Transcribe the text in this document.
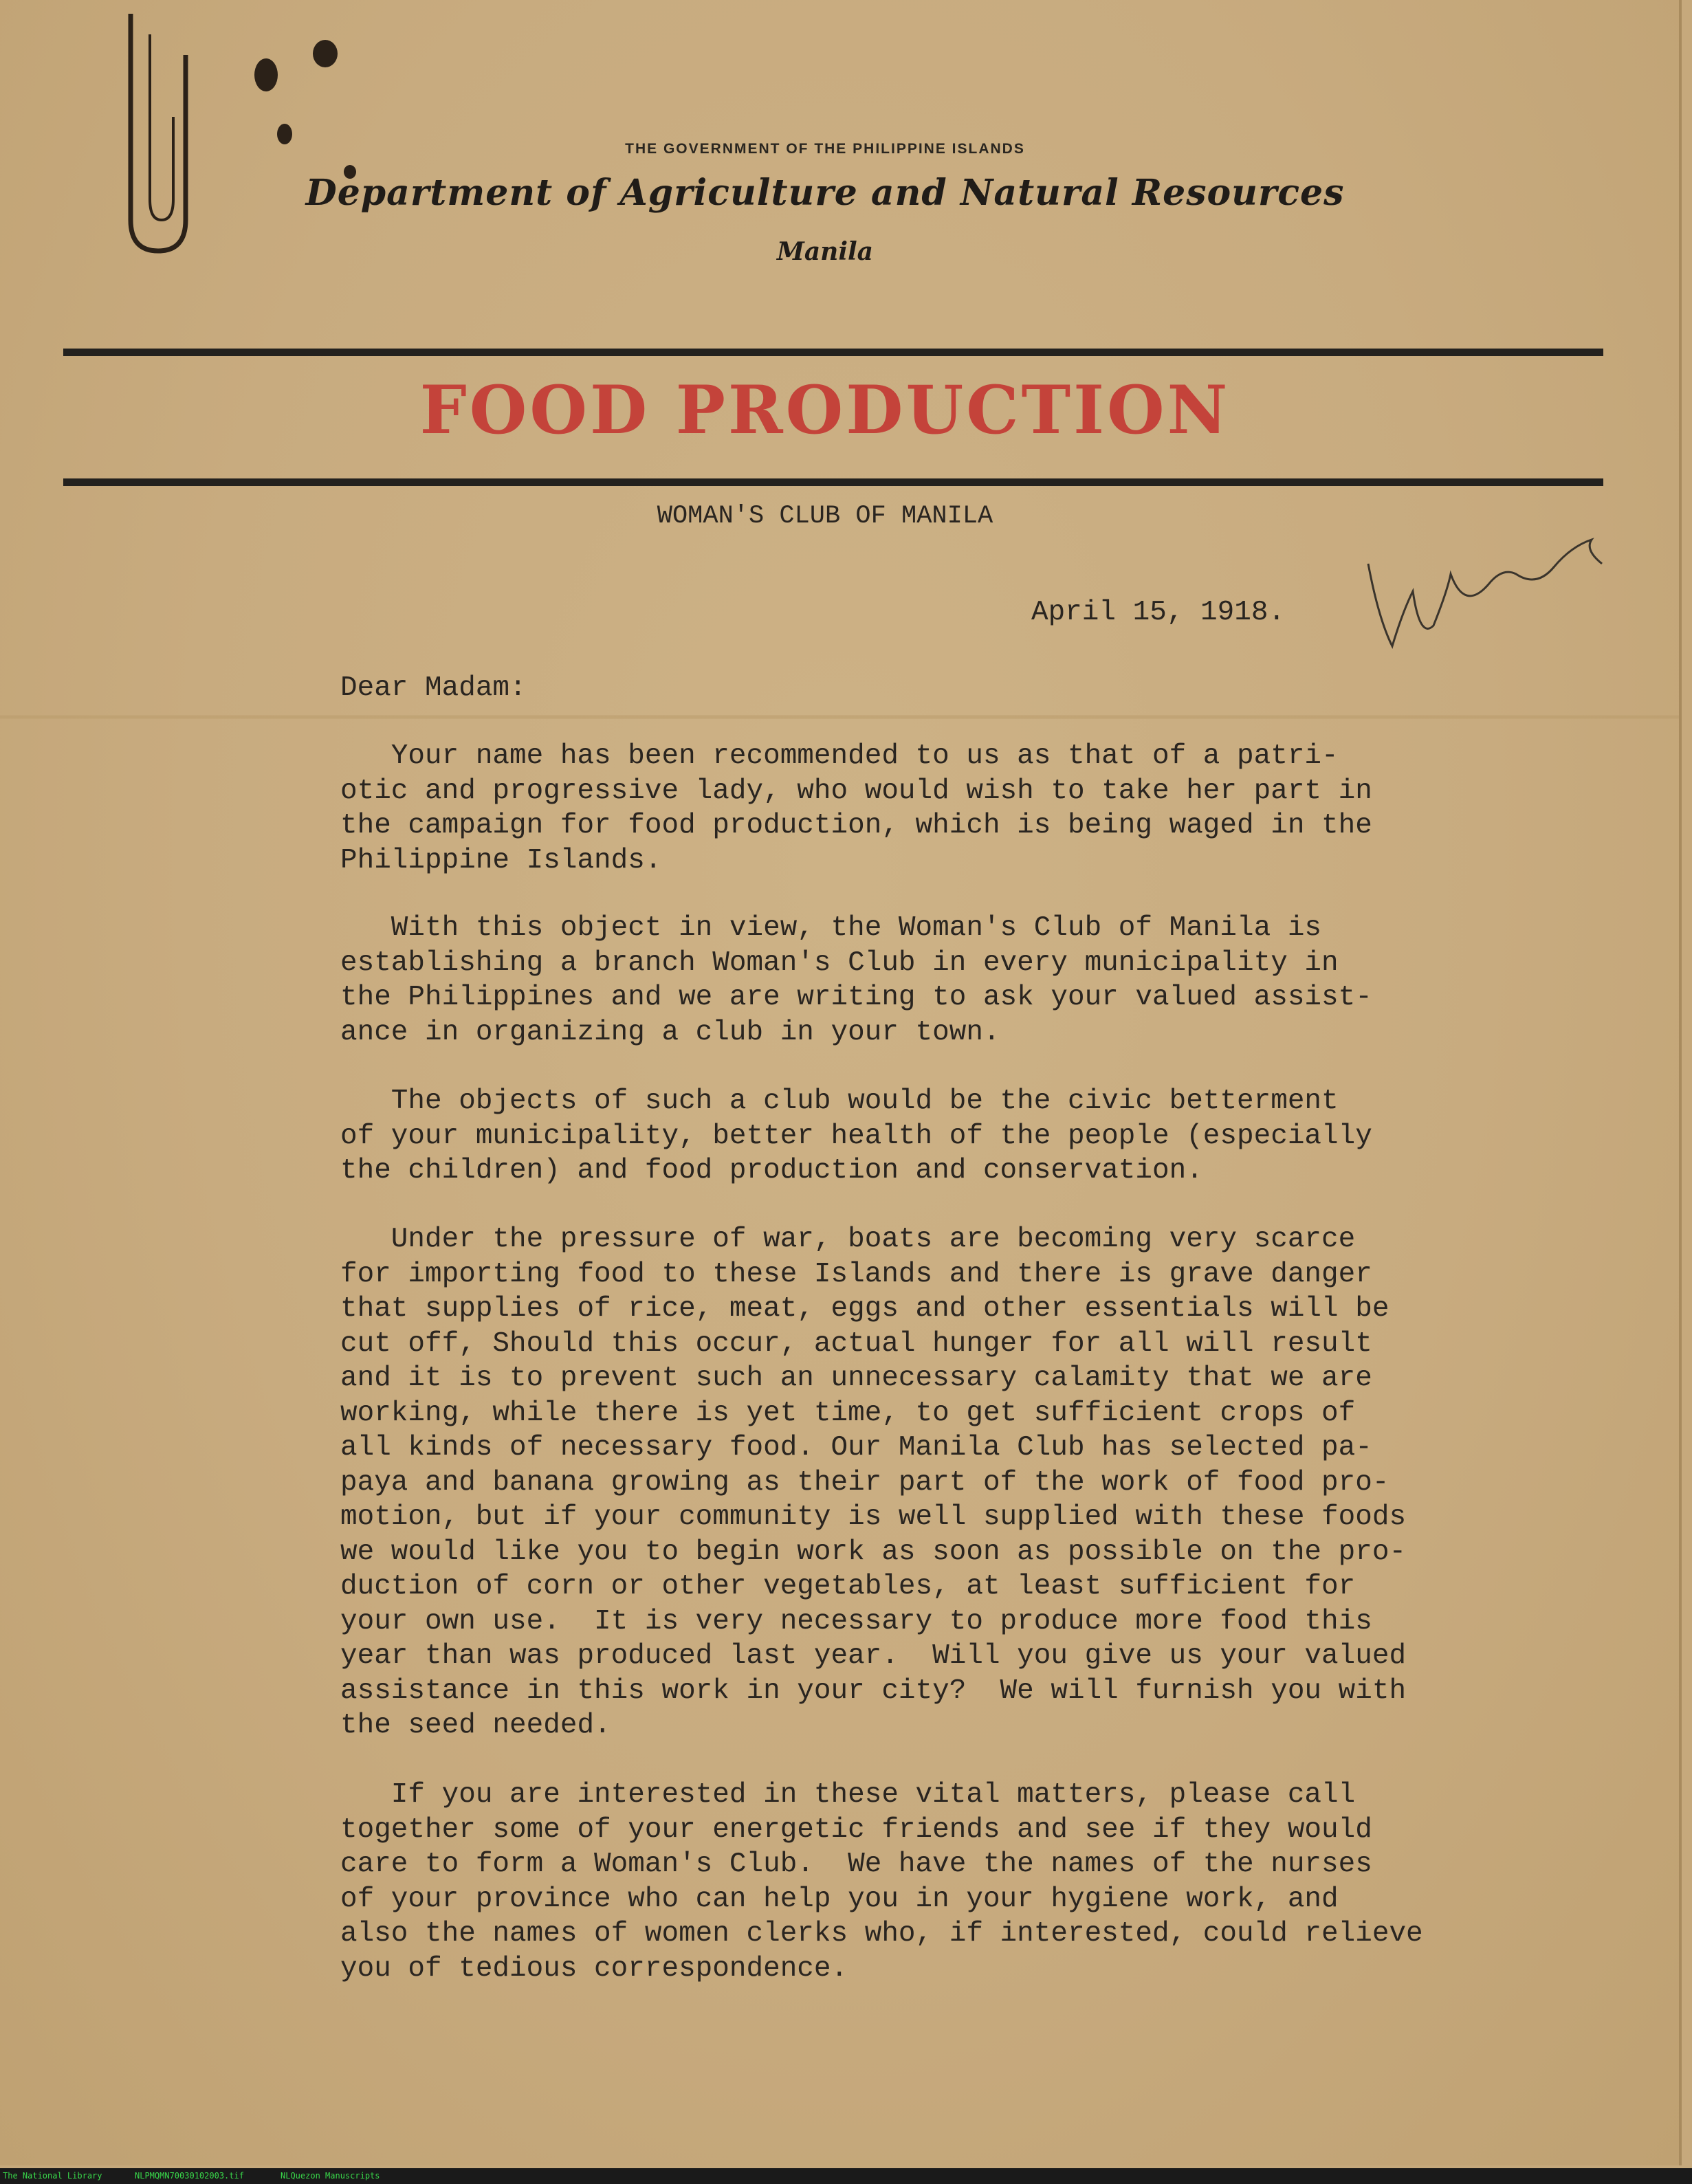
THE GOVERNMENT OF THE PHILIPPINE ISLANDS
Department of Agriculture and Natural Resources
Manila
FOOD PRODUCTION
WOMAN'S CLUB OF MANILA
April 15, 1918.
Dear Madam:
Your name has been recommended to us as that of a patri-
otic and progressive lady, who would wish to take her part in
the campaign for food production, which is being waged in the
Philippine Islands.
With this object in view, the Woman's Club of Manila is
establishing a branch Woman's Club in every municipality in
the Philippines and we are writing to ask your valued assist-
ance in organizing a club in your town.
The objects of such a club would be the civic betterment
of your municipality, better health of the people (especially
the children) and food production and conservation.
Under the pressure of war, boats are becoming very scarce
for importing food to these Islands and there is grave danger
that supplies of rice, meat, eggs and other essentials will be
cut off, Should this occur, actual hunger for all will result
and it is to prevent such an unnecessary calamity that we are
working, while there is yet time, to get sufficient crops of
all kinds of necessary food. Our Manila Club has selected pa-
paya and banana growing as their part of the work of food pro-
motion, but if your community is well supplied with these foods
we would like you to begin work as soon as possible on the pro-
duction of corn or other vegetables, at least sufficient for
your own use.  It is very necessary to produce more food this
year than was produced last year.  Will you give us your valued
assistance in this work in your city?  We will furnish you with
the seed needed.
If you are interested in these vital matters, please call
together some of your energetic friends and see if they would
care to form a Woman's Club.  We have the names of the nurses
of your province who can help you in your hygiene work, and
also the names of women clerks who, if interested, could relieve
you of tedious correspondence.
The National Library	NLPMQMN70030102003.tif	NLQuezon Manuscripts
